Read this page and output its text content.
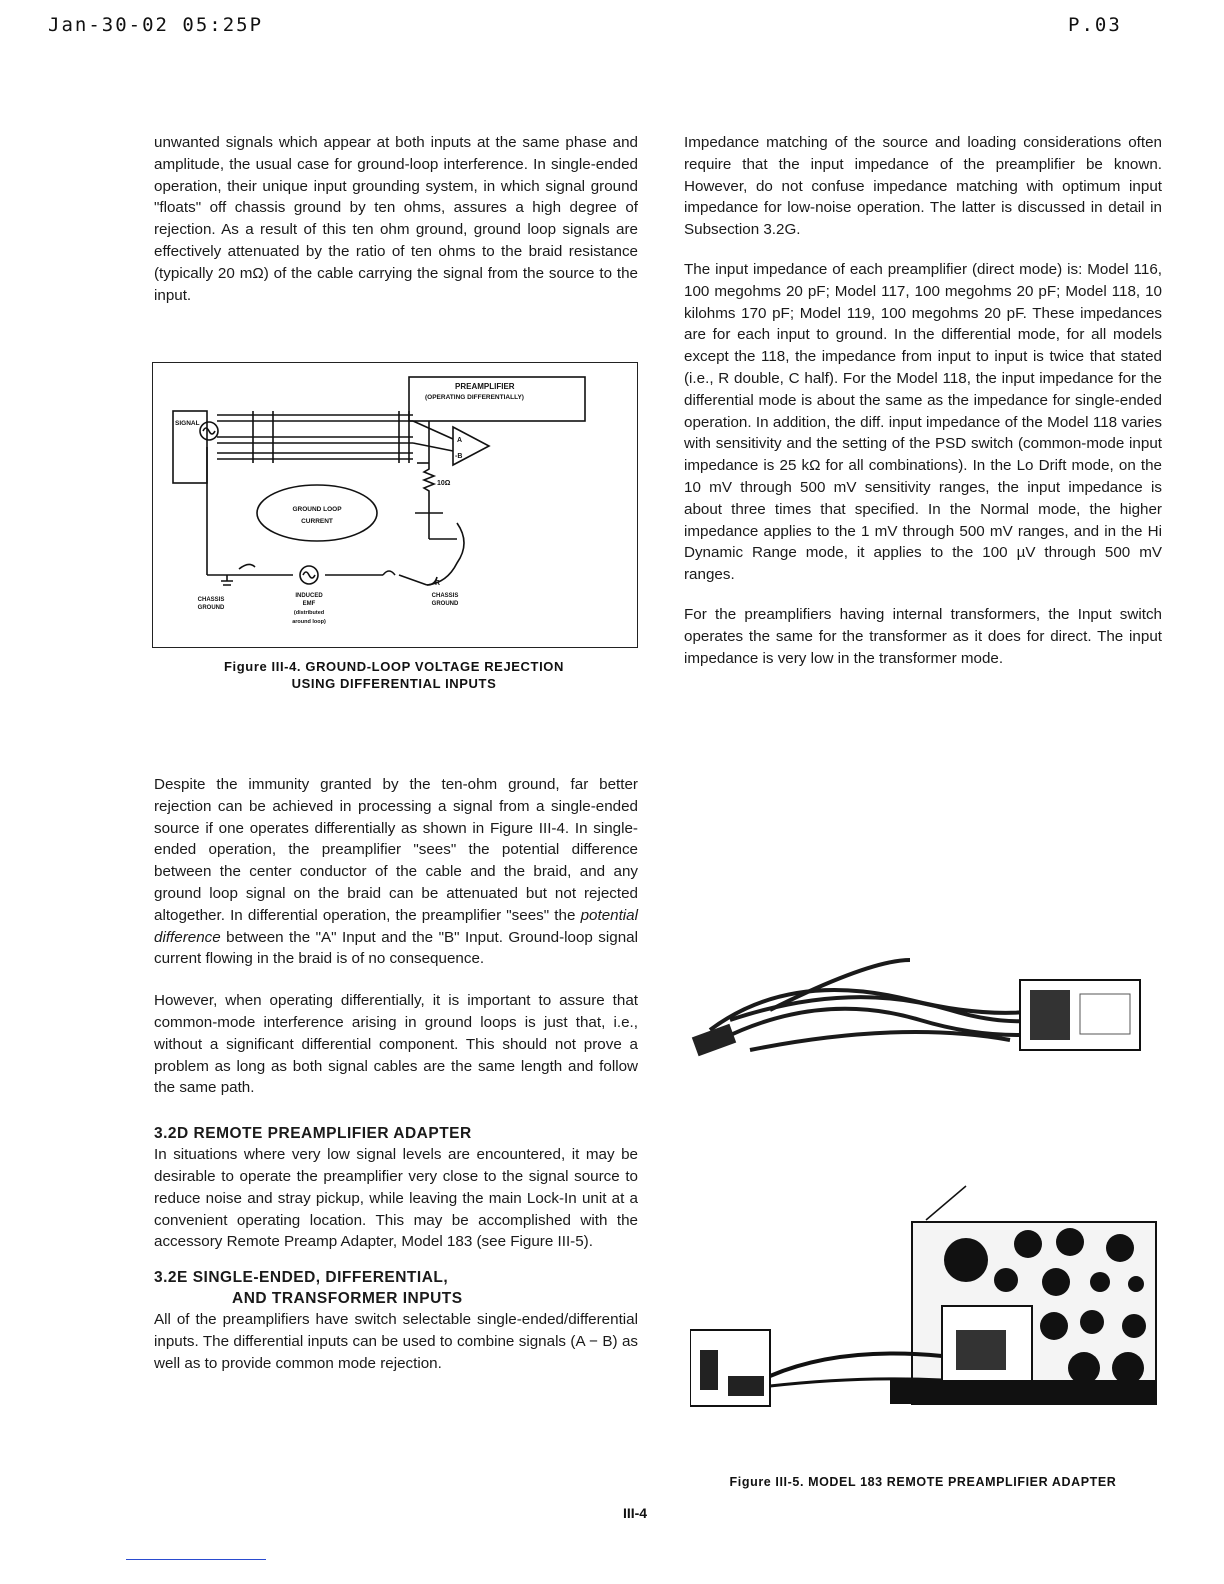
Jan-30-02 05:25P	P.03

unwanted signals which appear at both inputs at the same phase and amplitude, the usual case for ground-loop interference. In single-ended operation, their unique input grounding system, in which signal ground "floats" off chassis ground by ten ohms, assures a high degree of rejection. As a result of this ten ohm ground, ground loop signals are effectively attenuated by the ratio of ten ohms to the braid resistance (typically 20 mΩ) of the cable carrying the signal from the source to the input.

PREAMPLIFIER
(OPERATING DIFFERENTIALLY)
SIGNAL
A
-B
10Ω
GROUND LOOP
CURRENT
CHASSIS
GROUND
INDUCED
EMF
(distributed
around loop)
R
CHASSIS
GROUND
Figure III-4. GROUND-LOOP VOLTAGE REJECTION
USING DIFFERENTIAL INPUTS

Despite the immunity granted by the ten-ohm ground, far better rejection can be achieved in processing a signal from a single-ended source if one operates differentially as shown in Figure III-4. In single-ended operation, the preamplifier "sees" the potential difference between the center conductor of the cable and the braid, and any ground loop signal on the braid can be attenuated but not rejected altogether. In differential operation, the preamplifier "sees" the potential difference between the "A" Input and the "B" Input. Ground-loop signal current flowing in the braid is of no consequence.

However, when operating differentially, it is important to assure that common-mode interference arising in ground loops is just that, i.e., without a significant differential component. This should not prove a problem as long as both signal cables are the same length and follow the same path.

3.2D REMOTE PREAMPLIFIER ADAPTER

In situations where very low signal levels are encountered, it may be desirable to operate the preamplifier very close to the signal source to reduce noise and stray pickup, while leaving the main Lock-In unit at a convenient operating location. This may be accomplished with the accessory Remote Preamp Adapter, Model 183 (see Figure III-5).

3.2E SINGLE-ENDED, DIFFERENTIAL,
AND TRANSFORMER INPUTS

All of the preamplifiers have switch selectable single-ended/differential inputs. The differential inputs can be used to combine signals (A − B) as well as to provide common mode rejection.

Impedance matching of the source and loading considerations often require that the input impedance of the preamplifier be known. However, do not confuse impedance matching with optimum input impedance for low-noise operation. The latter is discussed in detail in Subsection 3.2G.

The input impedance of each preamplifier (direct mode) is: Model 116, 100 megohms 20 pF; Model 117, 100 megohms 20 pF; Model 118, 10 kilohms 170 pF; Model 119, 100 megohms 20 pF. These impedances are for each input to ground. In the differential mode, for all models except the 118, the impedance from input to input is twice that stated (i.e., R double, C half). For the Model 118, the input impedance for the differential mode is about the same as the impedance for single-ended operation. In addition, the diff. input impedance of the Model 118 varies with sensitivity and the setting of the PSD switch (common-mode input impedance is 25 kΩ for all combinations). In the Lo Drift mode, on the 10 mV through 500 mV sensitivity ranges, the input impedance is about three times that specified. In the Normal mode, the higher impedance applies to the 1 mV through 500 mV ranges, and in the Hi Dynamic Range mode, it applies to the 100 µV through 500 mV ranges.

For the preamplifiers having internal transformers, the Input switch operates the same for the transformer as it does for direct. The input impedance is very low in the transformer mode.

Figure III-5. MODEL 183 REMOTE PREAMPLIFIER ADAPTER
III-4
